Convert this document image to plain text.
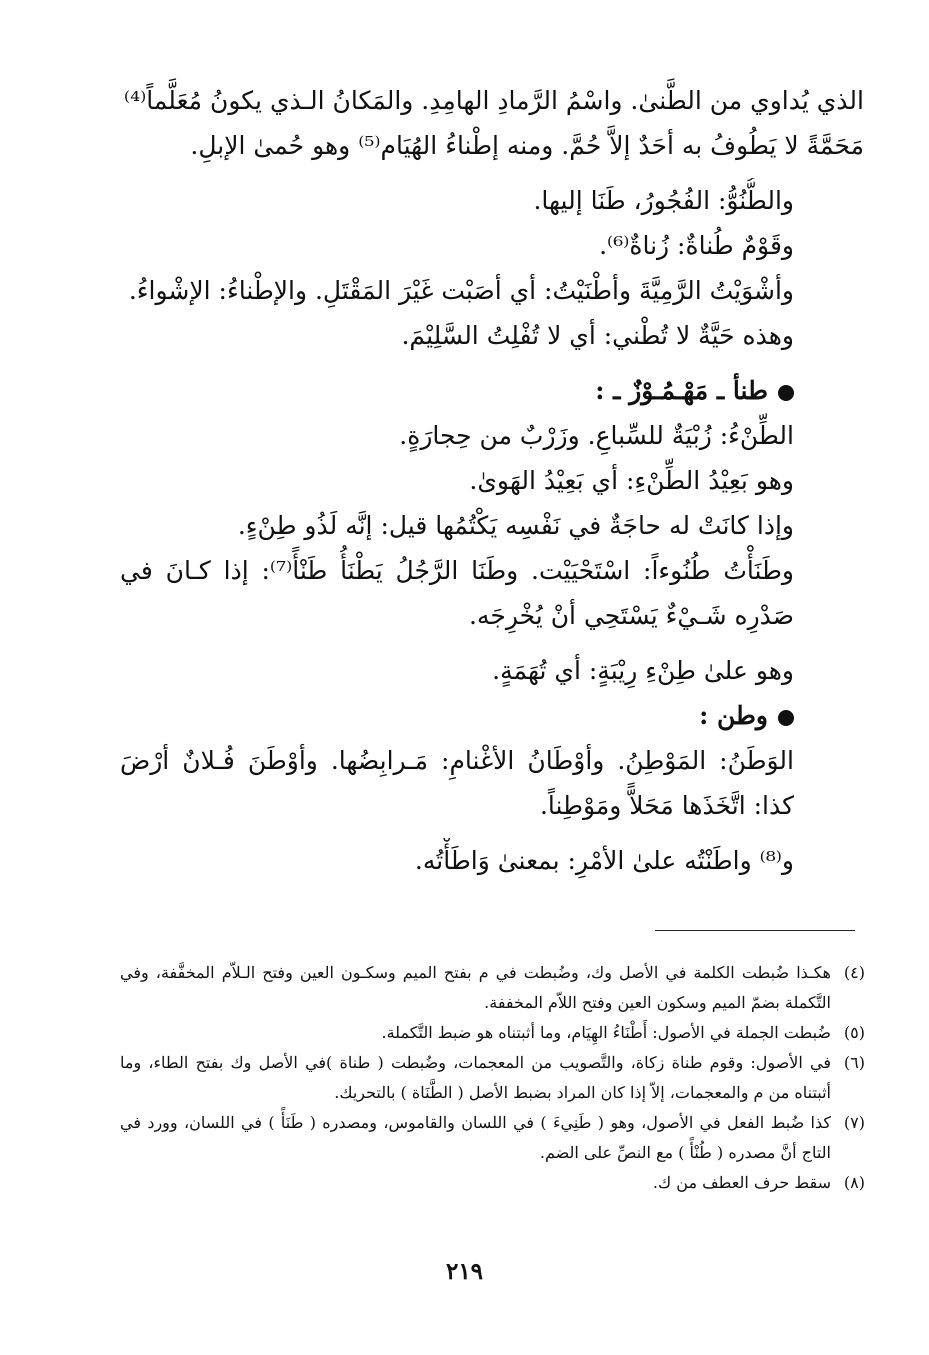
الذي يُداوي من الطَّنىٰ. واسْمُ الرَّمادِ الهامِدِ. والمَكانُ الـذي يكونُ مُعَلَّماً⁽⁴⁾

مَحَمَّةً لا يَطُوفُ به أحَدٌ إلاَّ حُمَّ. ومنه إطْناءُ الهُيَام⁽⁵⁾ وهو حُمىٰ الإبلِ.

والطُّنُوُّ: الفُجُورُ، طَنَا إليها.

وقَوْمٌ طُناةٌ: زُناةٌ⁽⁶⁾.

وأشْوَيْتُ الرَّمِيَّةَ وأطْنَيْتُ: أي أصَبْت غَيْرَ المَقْتَلِ. والإطْناءُ: الإشْواءُ.

وهذه حَيَّةٌ لا تُطْني: أي لا تُفْلِتُ السَّلِيْمَ.

طنأ ـ مَهْـمُـوْزٌ ـ :

الطِّنْءُ: زُبْيَةٌ للسِّباعِ. وزَرْبٌ من حِجارَةٍ.

وهو بَعِيْدُ الطِّنْءِ: أي بَعِيْدُ الهَوىٰ.

وإذا كانَتْ له حاجَةٌ في نَفْسِه يَكْتُمُها قيل: إنَّه لَذُو طِنْءٍ.

وطَنَأْتُ طُنُوءاً: اسْتَحْيَيْت. وطَنَا الرَّجُلُ يَطْنَأُ طَنْأً⁽⁷⁾: إذا كـانَ في صَدْرِه شَـيْءٌ يَسْتَحِي أنْ يُخْرِجَه.

وهو علىٰ طِنْءِ رِيْبَةٍ: أي تُهَمَةٍ.

وطن :

الوَطَنُ: المَوْطِنُ. وأوْطَانُ الأغْنامِ: مَـرابِضُها. وأوْطَنَ فُـلانٌ أرْضَ كذا: اتَّخَذَها مَحَلاًّ ومَوْطِناً.

و⁽⁸⁾ واطَنْتُه علىٰ الأمْرِ: بمعنىٰ وَاطَأْتُه.

(٤)
هكـذا ضُبطت الكلمة في الأصل وك، وضُبطت في م بفتح الميم وسكـون العين وفتح الـلاّم المخفَّفة، وفي التَّكملة بضمّ الميم وسكون العين وفتح اللاّم المخففة.
(٥)
ضُبطت الجملة في الأصول: أَطْنَاءُ الهِيَام، وما أثبتناه هو ضبط التَّكملة.
(٦)
في الأصول: وقوم طناة زكاة، والتَّصويب من المعجمات، وضُبطت ( طناة )في الأصل وك بفتح الطاء، وما أثبتناه من م والمعجمات، إلاّ إذا كان المراد بضبط الأصل ( الطَّنَاة ) بالتحريك.
(٧)
كذا ضُبط الفعل في الأصول، وهو ( طَنِيءَ ) في اللسان والقاموس، ومصدره ( طَنَأً ) في اللسان، وورد في التاج أنَّ مصدره ( طُنْأً ) مع النصِّ على الضم.
(٨)
سقط حرف العطف من ك.
٢١٩
